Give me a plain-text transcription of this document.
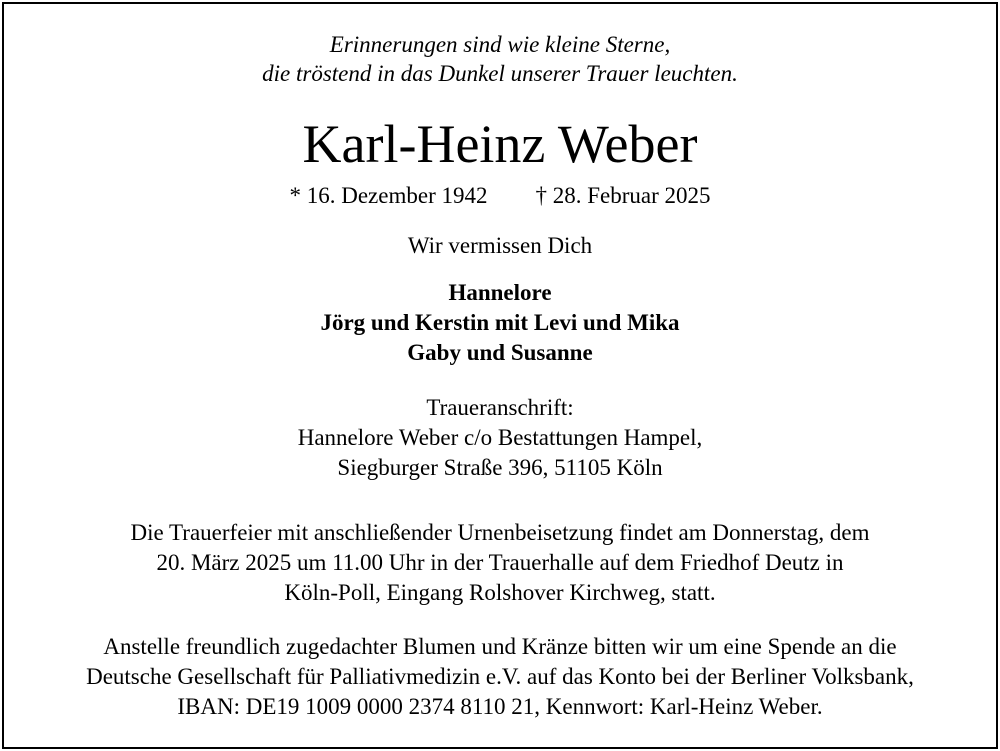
Erinnerungen sind wie kleine Sterne,
die tröstend in das Dunkel unserer Trauer leuchten.
Karl-Heinz Weber
* 16. Dezember 1942 † 28. Februar 2025
Wir vermissen Dich
Hannelore
Jörg und Kerstin mit Levi und Mika
Gaby und Susanne
Traueranschrift:
Hannelore Weber c/o Bestattungen Hampel,
Siegburger Straße 396, 51105 Köln
Die Trauerfeier mit anschließender Urnenbeisetzung findet am Donnerstag, dem
20. März 2025 um 11.00 Uhr in der Trauerhalle auf dem Friedhof Deutz in
Köln-Poll, Eingang Rolshover Kirchweg, statt.
Anstelle freundlich zugedachter Blumen und Kränze bitten wir um eine Spende an die
Deutsche Gesellschaft für Palliativmedizin e.V. auf das Konto bei der Berliner Volksbank,
IBAN: DE19 1009 0000 2374 8110 21, Kennwort: Karl-Heinz Weber.
